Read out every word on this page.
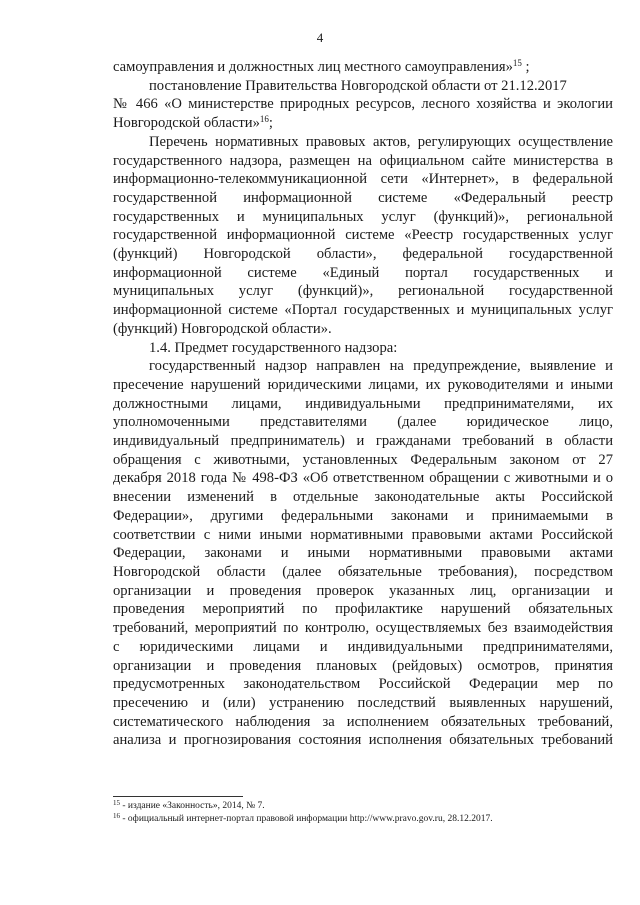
4
самоуправления и должностных лиц местного самоуправления»$^{15}$ ;
постановление Правительства Новгородской области от 21.12.2017
№ 466 «О министерстве природных ресурсов, лесного хозяйства и экологии
Новгородской области»$^{16}$;
Перечень нормативных правовых актов, регулирующих осуществление
государственного надзора, размещен на официальном сайте министерства в
информационно-телекоммуникационной сети «Интернет», в федеральной
государственной информационной системе «Федеральный реестр
государственных и муниципальных услуг (функций)», региональной
государственной информационной системе «Реестр государственных услуг
(функций) Новгородской области», федеральной государственной
информационной системе «Единый портал государственных и
муниципальных услуг (функций)», региональной государственной
информационной системе «Портал государственных и муниципальных услуг
(функций) Новгородской области».
1.4. Предмет государственного надзора:
государственный надзор направлен на предупреждение, выявление и
пресечение нарушений юридическими лицами, их руководителями и иными
должностными лицами, индивидуальными предпринимателями, их
уполномоченными представителями (далее юридическое лицо,
индивидуальный предприниматель) и гражданами требований в области
обращения с животными, установленных Федеральным законом от 27
декабря 2018 года № 498-ФЗ «Об ответственном обращении с животными и о
внесении изменений в отдельные законодательные акты Российской
Федерации», другими федеральными законами и принимаемыми в
соответствии с ними иными нормативными правовыми актами Российской
Федерации, законами и иными нормативными правовыми актами
Новгородской области (далее обязательные требования), посредством
организации и проведения проверок указанных лиц, организации и
проведения мероприятий по профилактике нарушений обязательных
требований, мероприятий по контролю, осуществляемых без взаимодействия
с юридическими лицами и индивидуальными предпринимателями,
организации и проведения плановых (рейдовых) осмотров, принятия
предусмотренных законодательством Российской Федерации мер по
пресечению и (или) устранению последствий выявленных нарушений,
систематического наблюдения за исполнением обязательных требований,
анализа и прогнозирования состояния исполнения обязательных требований
$^{15}$ - издание «Законность», 2014, № 7.
$^{16}$ - официальный интернет-портал правовой информации http://www.pravo.gov.ru, 28.12.2017.
